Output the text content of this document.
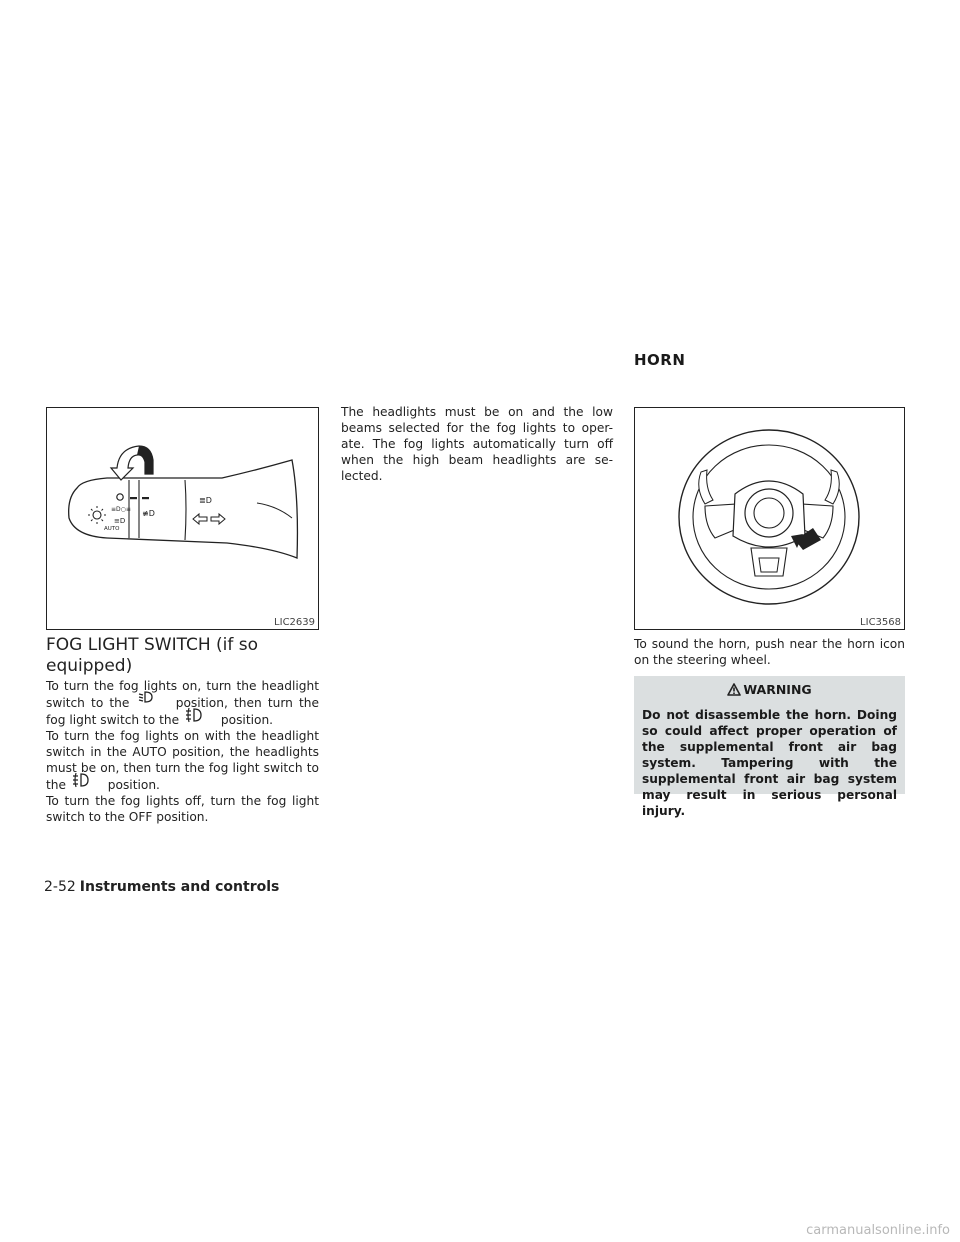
≡D○≡
≡D
AUTO
≢D
≣D
LIC2639
FOG LIGHT SWITCH (if so equipped)

To turn the fog lights on, turn the headlight switch to the	position, then turn the fog light switch to the	position.

To turn the fog lights on with the headlight switch in the AUTO position, the headlights must be on, then turn the fog light switch to the	position.

To turn the fog lights off, turn the fog light switch to the OFF position.

The headlights must be on and the low beams selected for the fog lights to oper-ate. The fog lights automatically turn off when the high beam headlights are se-lected.
HORN
LIC3568
To sound the horn, push near the horn icon on the steering wheel.
WARNING
Do not disassemble the horn. Doing so could affect proper operation of the supplemental front air bag system. Tampering with the supplemental front air bag system may result in serious personal injury.
2-52 Instruments and controls
carmanualsonline.info
